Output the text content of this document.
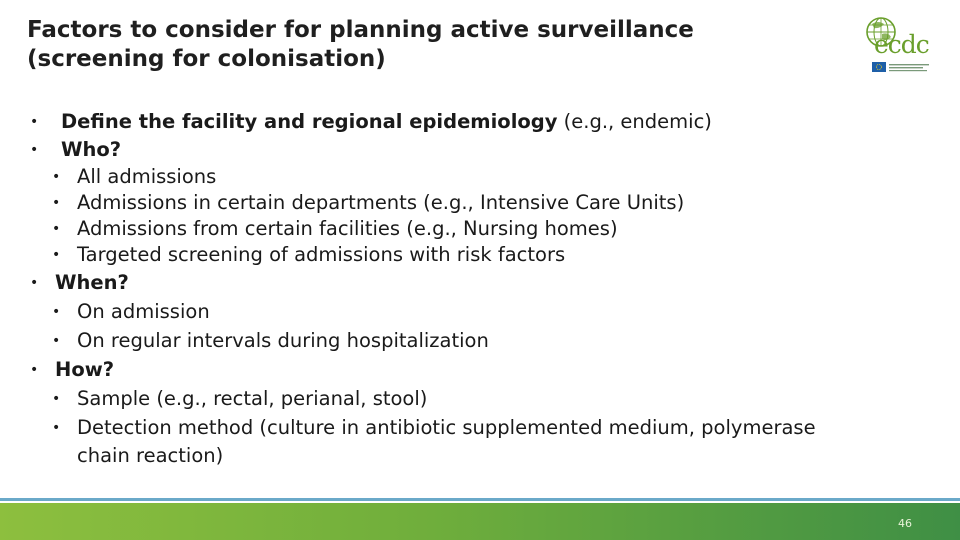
Factors to consider for planning active surveillance
(screening for colonisation)	ecdc
• Define the facility and regional epidemiology (e.g., endemic)
• Who?
• All admissions
• Admissions in certain departments (e.g., Intensive Care Units)
• Admissions from certain facilities (e.g., Nursing homes)
• Targeted screening of admissions with risk factors
• When?
• On admission
• On regular intervals during hospitalization
• How?
• Sample (e.g., rectal, perianal, stool)
• Detection method (culture in antibiotic supplemented medium, polymerase
chain reaction)
46
